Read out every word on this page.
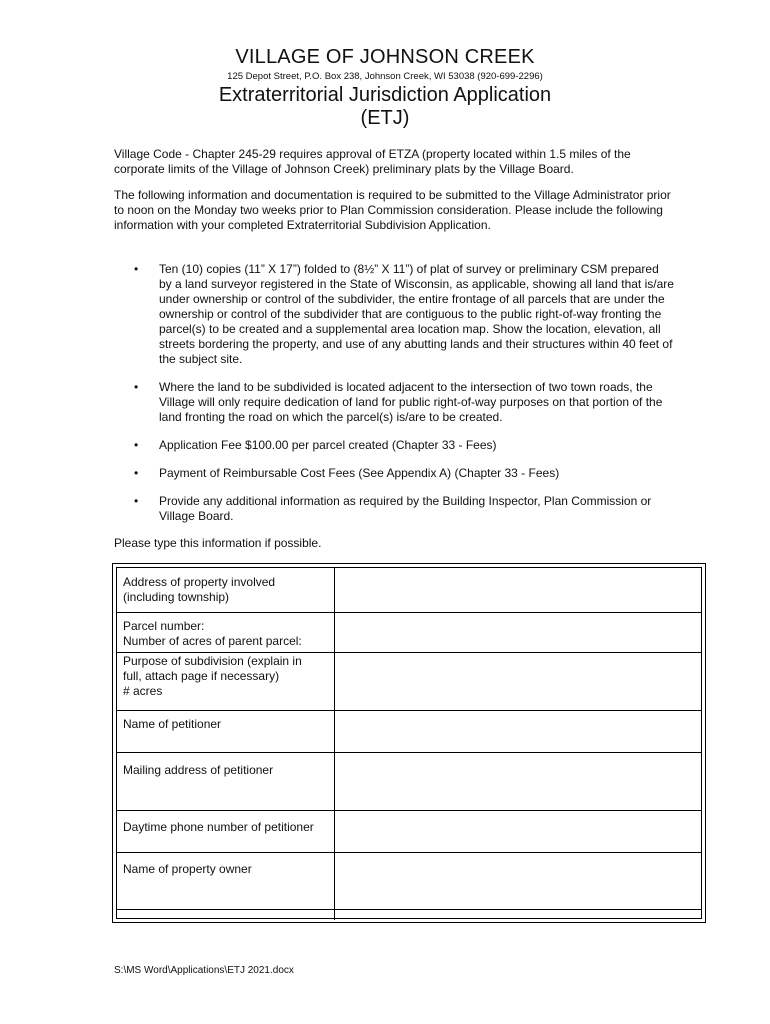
VILLAGE OF JOHNSON CREEK

125 Depot Street, P.O. Box 238, Johnson Creek, WI 53038 (920-699-2296)

Extraterritorial Jurisdiction Application
(ETJ)

Village Code - Chapter 245-29 requires approval of ETZA (property located within 1.5 miles of the corporate limits of the Village of Johnson Creek) preliminary plats by the Village Board.

The following information and documentation is required to be submitted to the Village Administrator prior to noon on the Monday two weeks prior to Plan Commission consideration. Please include the following information with your completed Extraterritorial Subdivision Application.

• Ten (10) copies (11” X 17”) folded to (8½” X 11”) of plat of survey or preliminary CSM prepared by a land surveyor registered in the State of Wisconsin, as applicable, showing all land that is/are under ownership or control of the subdivider, the entire frontage of all parcels that are under the ownership or control of the subdivider that are contiguous to the public right-of-way fronting the parcel(s) to be created and a supplemental area location map. Show the location, elevation, all streets bordering the property, and use of any abutting lands and their structures within 40 feet of the subject site.
• Where the land to be subdivided is located adjacent to the intersection of two town roads, the Village will only require dedication of land for public right-of-way purposes on that portion of the land fronting the road on which the parcel(s) is/are to be created.
• Application Fee $100.00 per parcel created (Chapter 33 - Fees)
• Payment of Reimbursable Cost Fees (See Appendix A) (Chapter 33 - Fees)
• Provide any additional information as required by the Building Inspector, Plan Commission or Village Board.

Please type this information if possible.

Address of property involved
(including township)
Parcel number:
Number of acres of parent parcel:
Purpose of subdivision (explain in
full, attach page if necessary)
# acres
Name of petitioner
Mailing address of petitioner
Daytime phone number of petitioner
Name of property owner

S:\MS Word\Applications\ETJ 2021.docx
